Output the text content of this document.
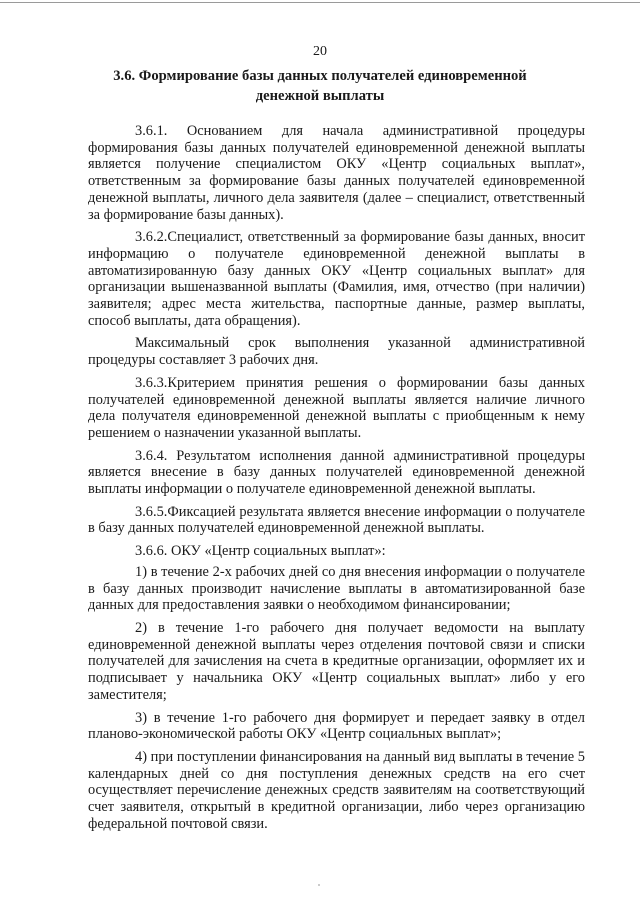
20
3.6. Формирование базы данных получателей единовременной денежной выплаты

3.6.1. Основанием для начала административной процедуры формирования базы данных получателей единовременной денежной выплаты является получение специалистом ОКУ «Центр социальных выплат», ответственным за формирование базы данных получателей единовременной денежной выплаты, личного дела заявителя (далее – специалист, ответственный за формирование базы данных).

3.6.2.Специалист, ответственный за формирование базы данных, вносит информацию о получателе единовременной денежной выплаты в автоматизированную базу данных ОКУ «Центр социальных выплат» для организации вышеназванной выплаты (Фамилия, имя, отчество (при наличии) заявителя; адрес места жительства, паспортные данные, размер выплаты, способ выплаты, дата обращения).

Максимальный срок выполнения указанной административной процедуры составляет 3 рабочих дня.

3.6.3.Критерием принятия решения о формировании базы данных получателей единовременной денежной выплаты является наличие личного дела получателя единовременной денежной выплаты с приобщенным к нему решением о назначении указанной выплаты.

3.6.4. Результатом исполнения данной административной процедуры является внесение в базу данных получателей единовременной денежной выплаты информации о получателе единовременной денежной выплаты.

3.6.5.Фиксацией результата является внесение информации о получателе в базу данных получателей единовременной денежной выплаты.

3.6.6. ОКУ «Центр социальных выплат»:

1) в течение 2-х рабочих дней со дня внесения информации о получателе в базу данных производит начисление выплаты в автоматизированной базе данных для предоставления заявки о необходимом финансировании;

2) в течение 1-го рабочего дня получает ведомости на выплату единовременной денежной выплаты через отделения почтовой связи и списки получателей для зачисления на счета в кредитные организации, оформляет их и подписывает у начальника ОКУ «Центр социальных выплат» либо у его заместителя;

3) в течение 1-го рабочего дня формирует и передает заявку в отдел планово-экономической работы ОКУ «Центр социальных выплат»;

4) при поступлении финансирования на данный вид выплаты в течение 5 календарных дней со дня поступления денежных средств на его счет осуществляет перечисление денежных средств заявителям на соответствующий счет заявителя, открытый в кредитной организации, либо через организацию федеральной почтовой связи.
